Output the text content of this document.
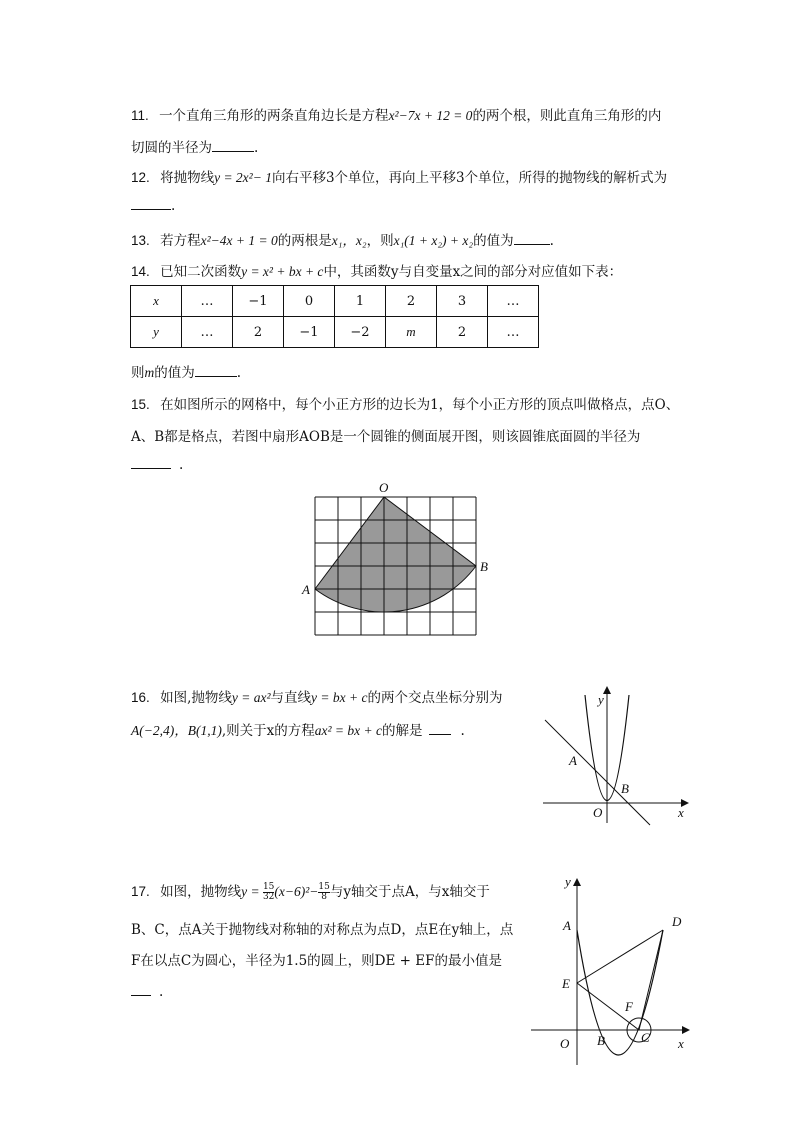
11. 一个直角三角形的两条直角边长是方程x²−7x + 12 = 0的两个根，则此直角三角形的内
切圆的半径为	.
12. 将抛物线y = 2x²− 1向右平移3个单位，再向上平移3个单位，所得的抛物线的解析式为
.
13. 若方程x²−4x + 1 = 0的两根是x₁，x₂，则x₁(1 + x₂) + x₂的值为	.
14. 已知二次函数y = x² + bx + c中，其函数y与自变量x之间的部分对应值如下表：
x	…	−1	0	1	2	3	…
y	…	2	−1	−2	m	2	…
则m的值为	.
15. 在如图所示的网格中，每个小正方形的边长为1，每个小正方形的顶点叫做格点，点O、
A、B都是格点，若图中扇形AOB是一个圆锥的侧面展开图，则该圆锥底面圆的半径为
.
O
A
B
16. 如图,抛物线y = ax²与直线y = bx + c的两个交点坐标分别为
A(−2,4)，B(1,1),则关于x的方程ax² = bx + c的解是	.
y
x
O
A
B
17. 如图，抛物线$y = \frac{15}{32} (x-6)^2- \frac{15}{8}$ 与y轴交于点A，与x轴交于
B、C，点A关于抛物线对称轴的对称点为点D，点E在y轴上，点
F在以点C为圆心，半径为1.5的圆上，则DE + EF的最小值是
.
y
x
O
A
B	C
D
E
F
